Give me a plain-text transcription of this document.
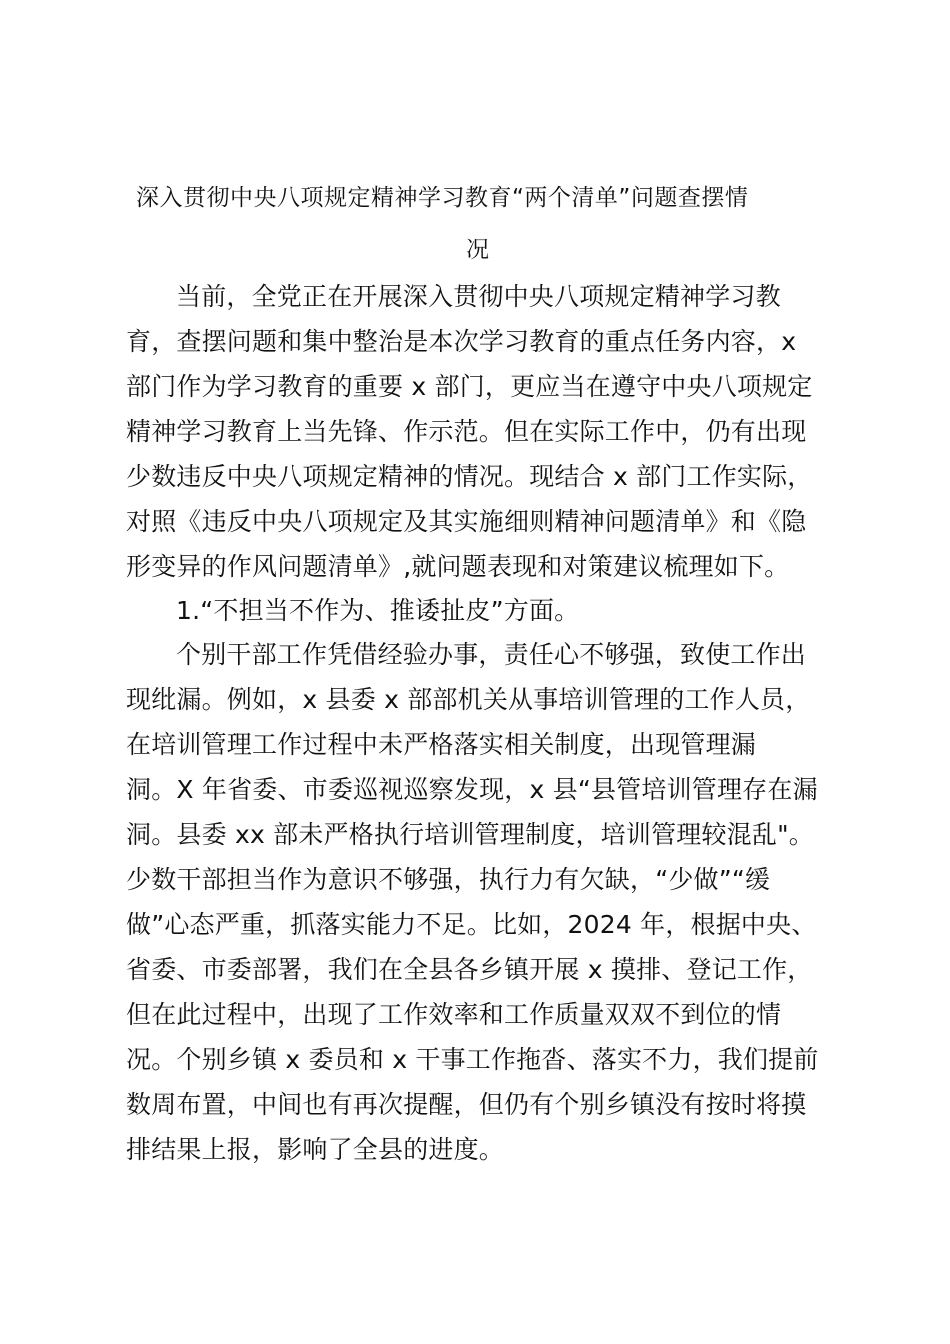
深入贯彻中央八项规定精神学习教育“两个清单”问题查摆情
况
当前，全党正在开展深入贯彻中央八项规定精神学习教
育，查摆问题和集中整治是本次学习教育的重点任务内容，x
部门作为学习教育的重要 x 部门，更应当在遵守中央八项规定
精神学习教育上当先锋、作示范。但在实际工作中，仍有出现
少数违反中央八项规定精神的情况。现结合 x 部门工作实际，
对照《违反中央八项规定及其实施细则精神问题清单》和《隐
形变异的作风问题清单》,就问题表现和对策建议梳理如下。
1.“不担当不作为、推诿扯皮”方面。
个别干部工作凭借经验办事，责任心不够强，致使工作出
现纰漏。例如，x 县委 x 部部机关从事培训管理的工作人员，
在培训管理工作过程中未严格落实相关制度，出现管理漏
洞。X 年省委、市委巡视巡察发现，x 县“县管培训管理存在漏
洞。县委 xx 部未严格执行培训管理制度，培训管理较混乱"。
少数干部担当作为意识不够强，执行力有欠缺，“少做”“缓
做”心态严重，抓落实能力不足。比如，2024 年，根据中央、
省委、市委部署，我们在全县各乡镇开展 x 摸排、登记工作，
但在此过程中，出现了工作效率和工作质量双双不到位的情
况。个别乡镇 x 委员和 x 干事工作拖沓、落实不力，我们提前
数周布置，中间也有再次提醒，但仍有个别乡镇没有按时将摸
排结果上报，影响了全县的进度。
